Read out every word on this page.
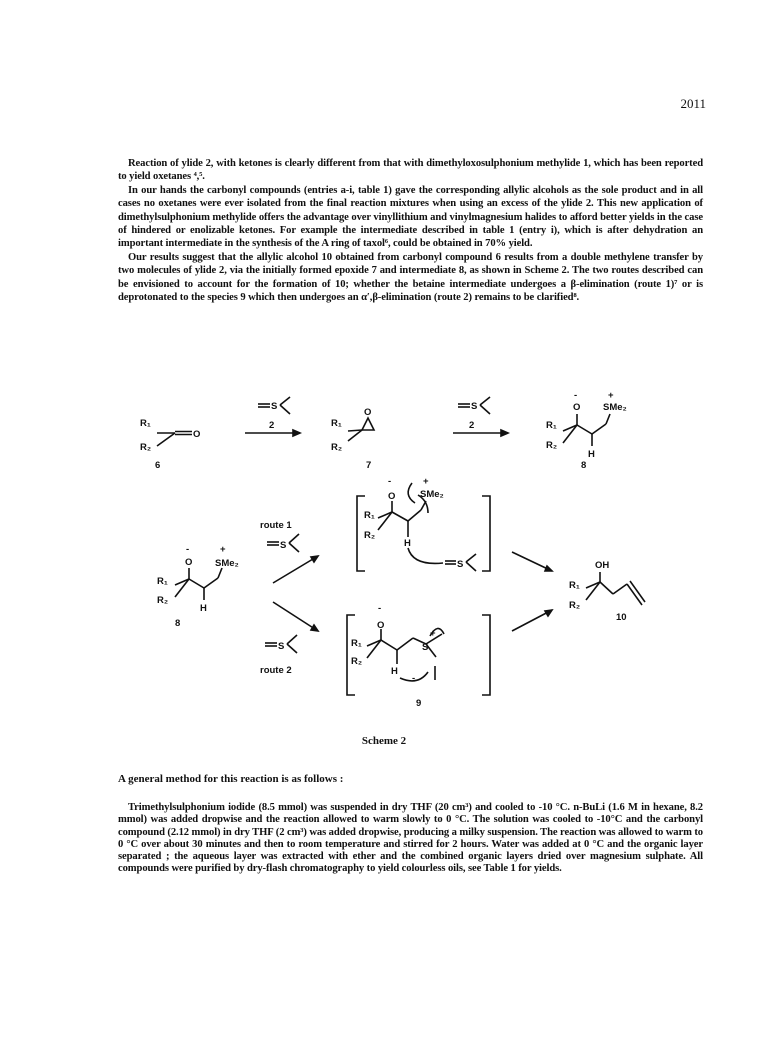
2011

Reaction of ylide 2, with ketones is clearly different from that with dimethyloxosulphonium methylide 1, which has been reported to yield oxetanes ⁴,⁵.

In our hands the carbonyl compounds (entries a-i, table 1) gave the corresponding allylic alcohols as the sole product and in all cases no oxetanes were ever isolated from the final reaction mixtures when using an excess of the ylide 2. This new application of dimethylsulphonium methylide offers the advantage over vinyllithium and vinylmagnesium halides to afford better yields in the case of hindered or enolizable ketones. For example the intermediate described in table 1 (entry i), which is after dehydration an important intermediate in the synthesis of the A ring of taxol⁶, could be obtained in 70% yield.

Our results suggest that the allylic alcohol 10 obtained from carbonyl compound 6 results from a double methylene transfer by two molecules of ylide 2, via the initially formed epoxide 7 and intermediate 8, as shown in Scheme 2. The two routes described can be envisioned to account for the formation of 10; whether the betaine intermediate undergoes a β-elimination (route 1)⁷ or is deprotonated to the species 9 which then undergoes an α′,β-elimination (route 2) remains to be clarified⁸.

R₁
R₂
O
6
S
2	R₁
R₂
O
7
S
2
-	+
O SMe₂
R₁
R₂
H
8
-	+
O	SMe₂
R₁
R₂
H
S
route 1
S
-	+
O SMe₂
R₁
R₂
H
8
S
route 2
-
O
R₁
R₂
H
S
+
-
9
OH
R₁
R₂
10
Scheme 2
A general method for this reaction is as follows :

Trimethylsulphonium iodide (8.5 mmol) was suspended in dry THF (20 cm³) and cooled to -10 °C. n-BuLi (1.6 M in hexane, 8.2 mmol) was added dropwise and the reaction allowed to warm slowly to 0 °C. The solution was cooled to -10°C and the carbonyl compound (2.12 mmol) in dry THF (2 cm³) was added dropwise, producing a milky suspension. The reaction was allowed to warm to 0 °C over about 30 minutes and then to room temperature and stirred for 2 hours. Water was added at 0 °C and the organic layer separated ; the aqueous layer was extracted with ether and the combined organic layers dried over magnesium sulphate. All compounds were purified by dry-flash chromatography to yield colourless oils, see Table 1 for yields.
